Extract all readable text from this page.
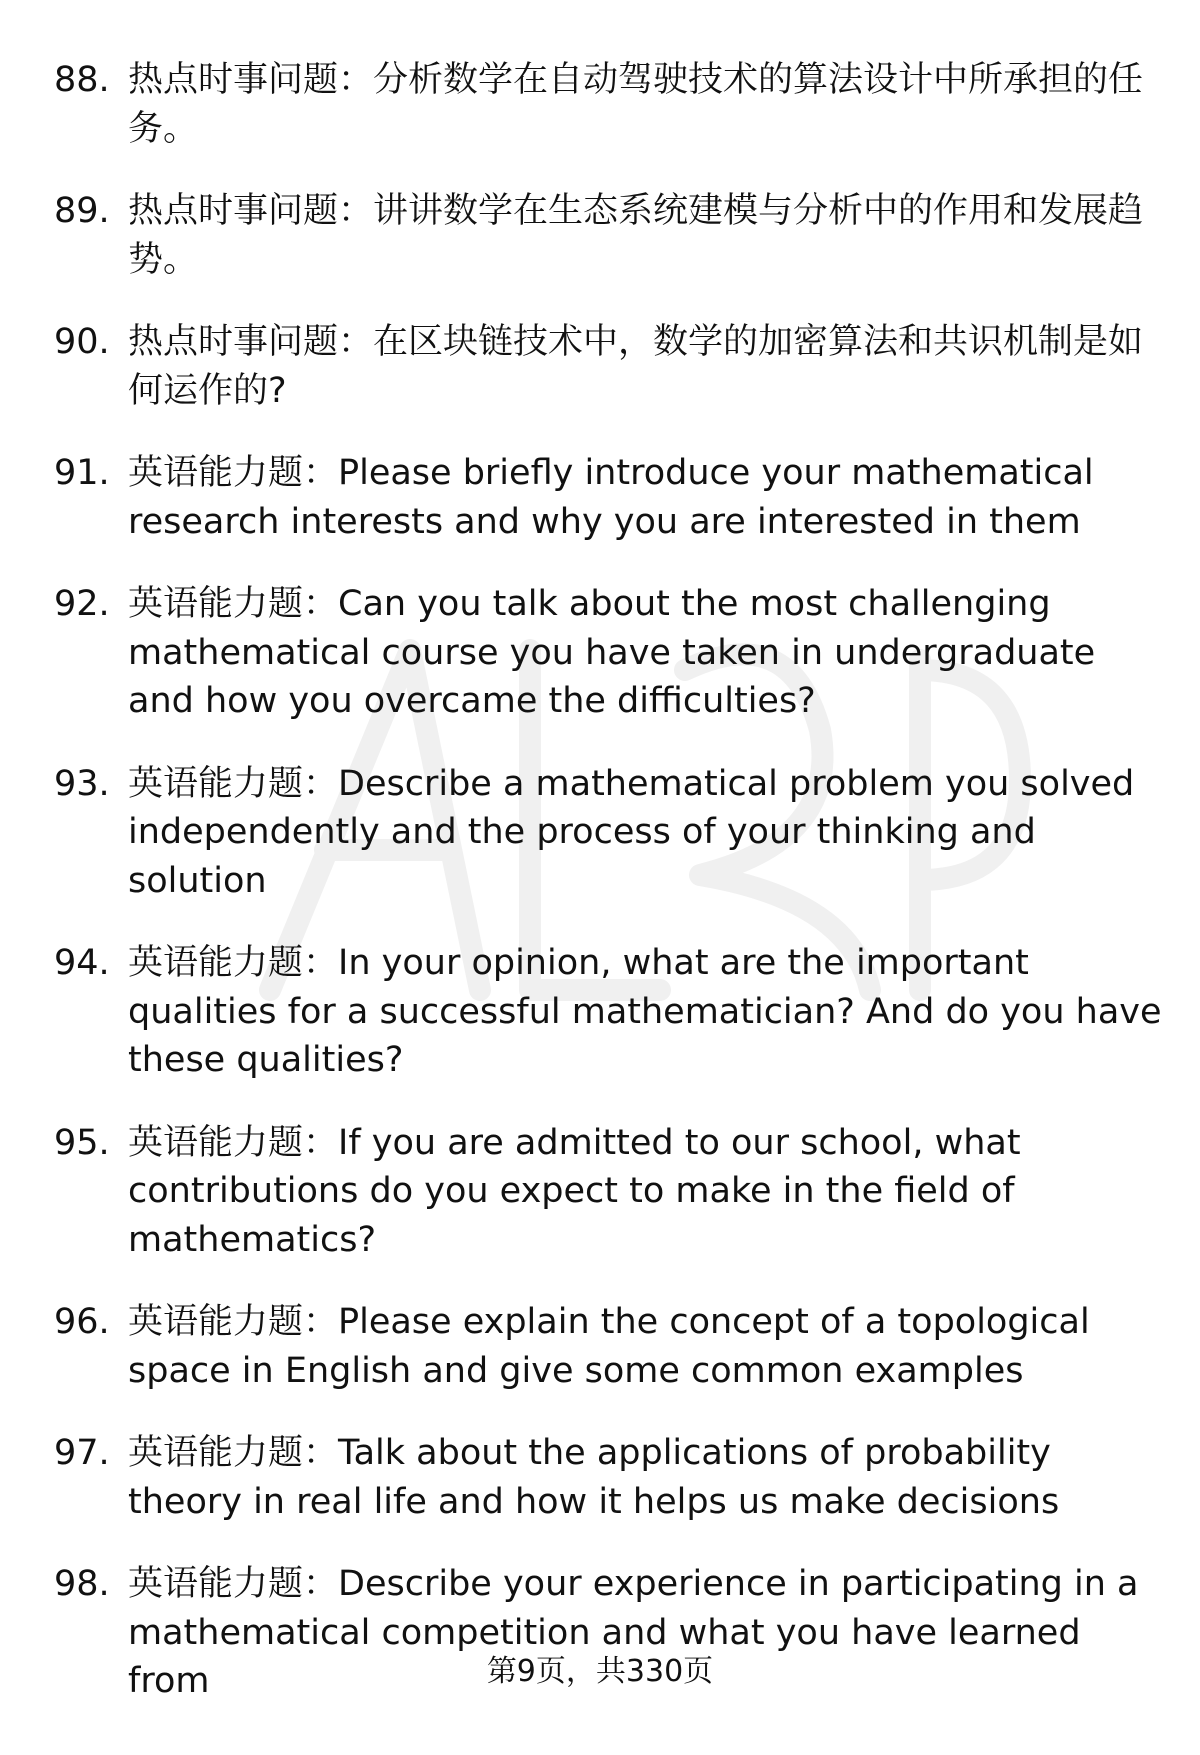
88. 热点时事问题：分析数学在自动驾驶技术的算法设计中所承担的任务。
89. 热点时事问题：讲讲数学在生态系统建模与分析中的作用和发展趋势。
90. 热点时事问题：在区块链技术中，数学的加密算法和共识机制是如何运作的?
91. 英语能力题：Please briefly introduce your mathematical research interests and why you are interested in them
92. 英语能力题：Can you talk about the most challenging mathematical course you have taken in undergraduate and how you overcame the difficulties?
93. 英语能力题：Describe a mathematical problem you solved independently and the process of your thinking and solution
94. 英语能力题：In your opinion, what are the important qualities for a successful mathematician? And do you have these qualities?
95. 英语能力题：If you are admitted to our school, what contributions do you expect to make in the field of mathematics?
96. 英语能力题：Please explain the concept of a topological space in English and give some common examples
97. 英语能力题：Talk about the applications of probability theory in real life and how it helps us make decisions
98. 英语能力题：Describe your experience in participating in a mathematical competition and what you have learned from	第9页，共330页
